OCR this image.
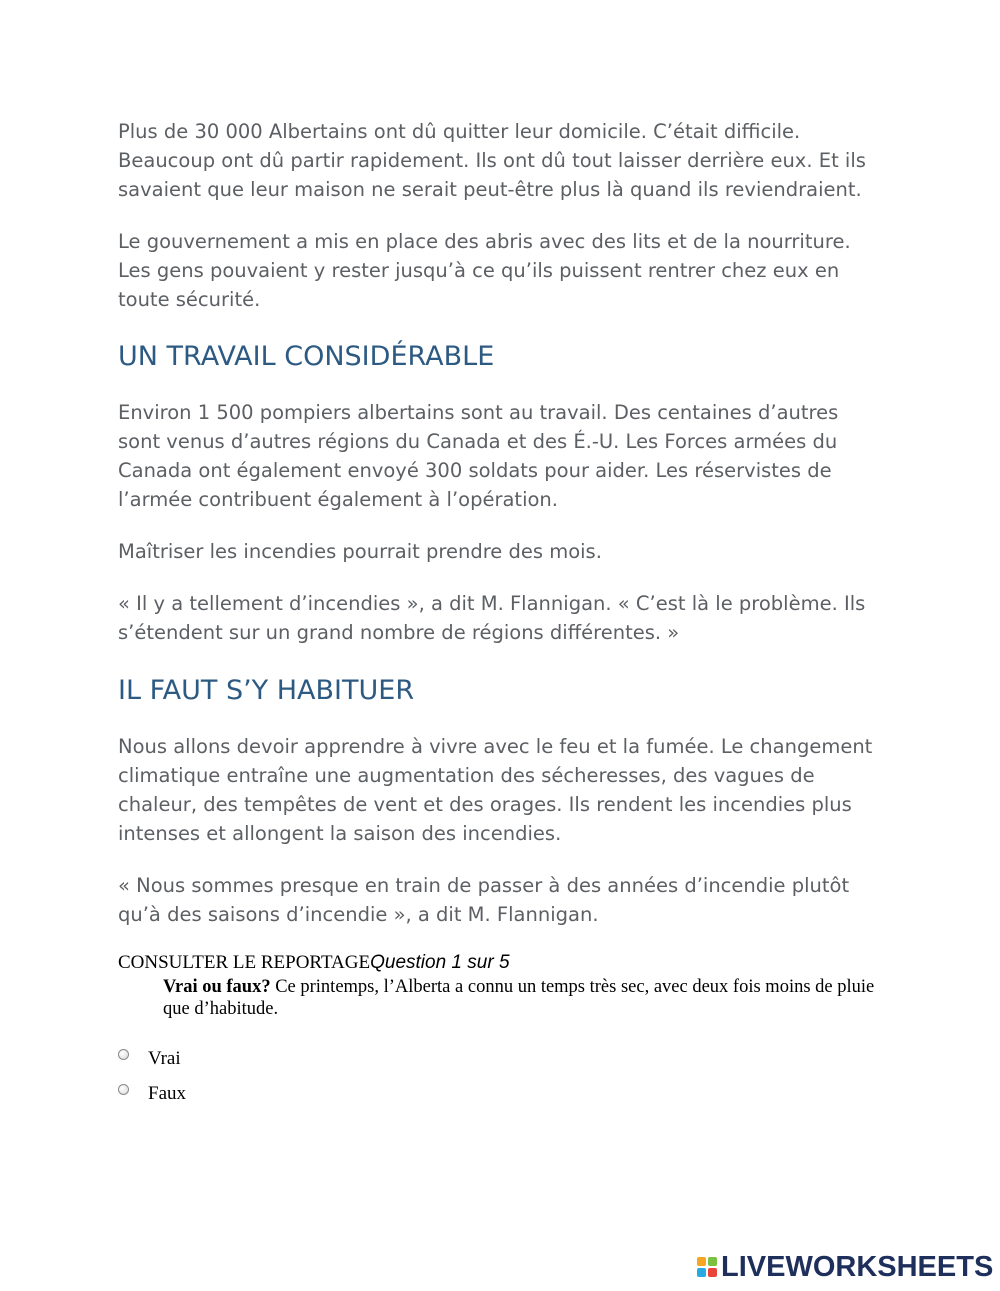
Plus de 30 000 Albertains ont dû quitter leur domicile. C’était difficile. Beaucoup ont dû partir rapidement. Ils ont dû tout laisser derrière eux. Et ils savaient que leur maison ne serait peut-être plus là quand ils reviendraient.

Le gouvernement a mis en place des abris avec des lits et de la nourriture. Les gens pouvaient y rester jusqu’à ce qu’ils puissent rentrer chez eux en toute sécurité.

UN TRAVAIL CONSIDÉRABLE

Environ 1 500 pompiers albertains sont au travail. Des centaines d’autres sont venus d’autres régions du Canada et des É.-U. Les Forces armées du Canada ont également envoyé 300 soldats pour aider. Les réservistes de l’armée contribuent également à l’opération.

Maîtriser les incendies pourrait prendre des mois.

« Il y a tellement d’incendies », a dit M. Flannigan. « C’est là le problème. Ils s’étendent sur un grand nombre de régions différentes. »

IL FAUT S’Y HABITUER

Nous allons devoir apprendre à vivre avec le feu et la fumée. Le changement climatique entraîne une augmentation des sécheresses, des vagues de chaleur, des tempêtes de vent et des orages. Ils rendent les incendies plus intenses et allongent la saison des incendies.

« Nous sommes presque en train de passer à des années d’incendie plutôt qu’à des saisons d’incendie », a dit M. Flannigan.

CONSULTER LE REPORTAGEQuestion 1 sur 5
Vrai ou faux? Ce printemps, l’Alberta a connu un temps très sec, avec deux fois moins de pluie que d’habitude.
Vrai
Faux
LIVEWORKSHEETS
